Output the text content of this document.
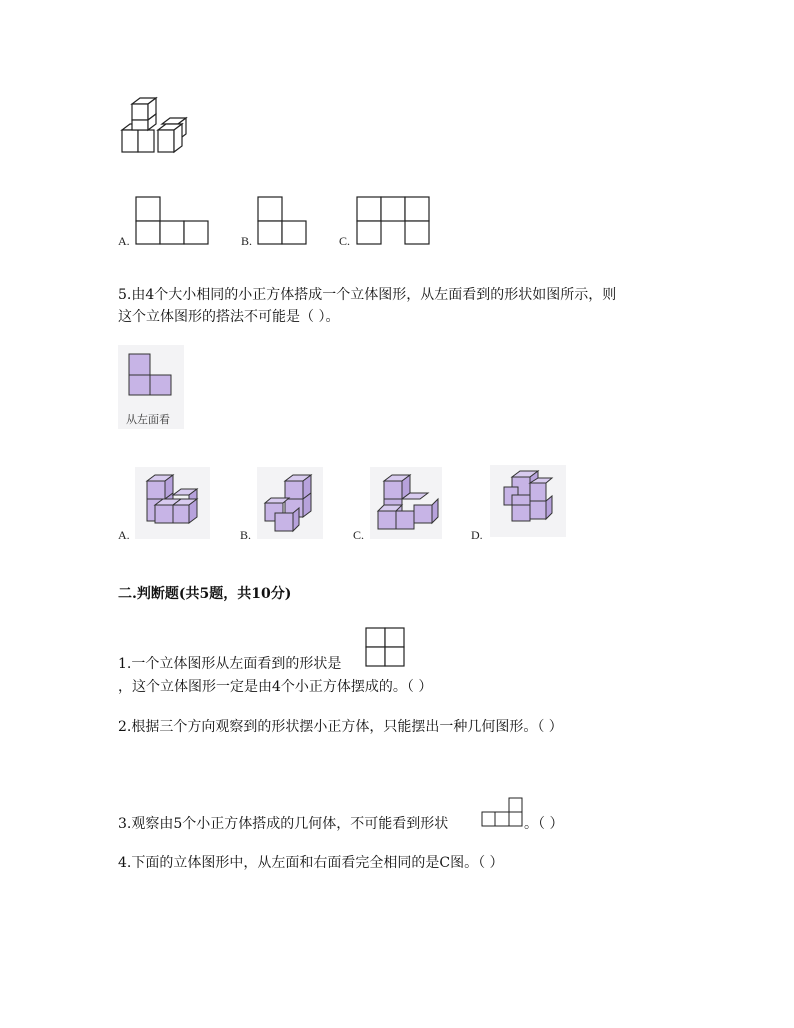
A.	B.	C.
5.由4个大小相同的小正方体搭成一个立体图形，从左面看到的形状如图所示，则
这个立体图形的搭法不可能是（ ）。
从左面看
A.	B.	C.	D.
二.判断题(共5题，共10分)
1.一个立体图形从左面看到的形状是
，这个立体图形一定是由4个小正方体摆成的。（ ）
2.根据三个方向观察到的形状摆小正方体，只能摆出一种几何图形。（ ）
3.观察由5个小正方体搭成的几何体，不可能看到形状	。（ ）
4.下面的立体图形中，从左面和右面看完全相同的是C图。（ ）
